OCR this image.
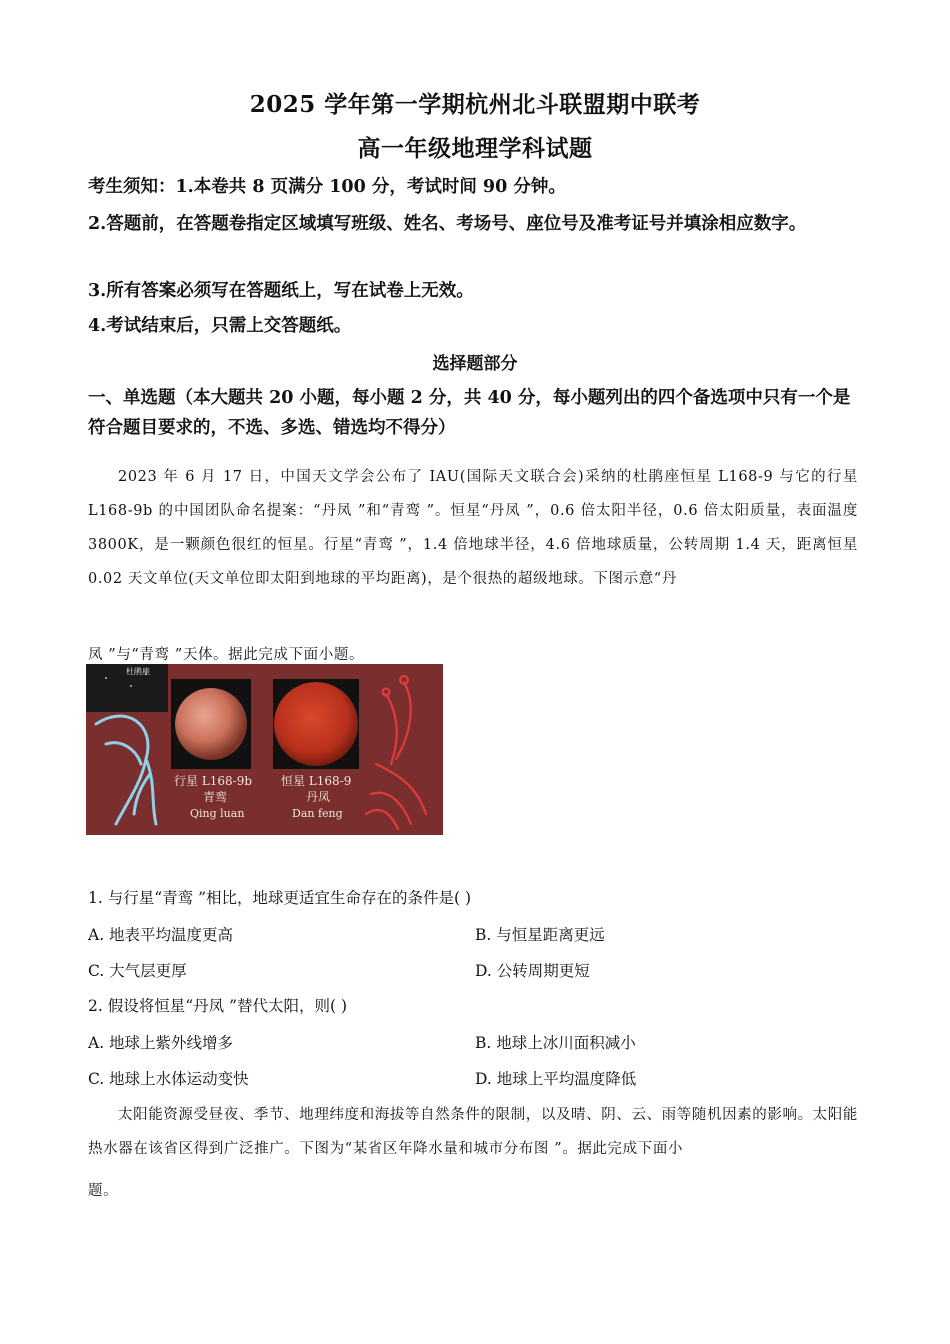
2025 学年第一学期杭州北斗联盟期中联考
高一年级地理学科试题
考生须知：1.本卷共 8 页满分 100 分，考试时间 90 分钟。
2.答题前，在答题卷指定区域填写班级、姓名、考场号、座位号及准考证号并填涂相应数字。
3.所有答案必须写在答题纸上，写在试卷上无效。
4.考试结束后，只需上交答题纸。
选择题部分
一、单选题（本大题共 20 小题，每小题 2 分，共 40 分，每小题列出的四个备选项中只有一个是符合题目要求的，不选、多选、错选均不得分）
2023 年 6 月 17 日，中国天文学会公布了 IAU(国际天文联合会)采纳的杜鹃座恒星 L168-9 与它的行星 L168-9b 的中国团队命名提案：“丹凤 ”和“青鸾 ”。恒星“丹凤 ”，0.6 倍太阳半径，0.6 倍太阳质量，表面温度 3800K，是一颗颜色很红的恒星。行星“青鸾 ”，1.4 倍地球半径，4.6 倍地球质量，公转周期 1.4 天，距离恒星 0.02 天文单位(天文单位即太阳到地球的平均距离)，是个很热的超级地球。下图示意“丹
凤 ”与“青鸾 ”天体。据此完成下面小题。
杜鹃座
行星 L168-9b
青鸾
Qing luan
恒星 L168-9
丹凤
Dan feng
1. 与行星“青鸾 ”相比，地球更适宜生命存在的条件是( )
A. 地表平均温度更高	B. 与恒星距离更远
C. 大气层更厚	D. 公转周期更短
2. 假设将恒星“丹凤 ”替代太阳，则( )
A. 地球上紫外线增多	B. 地球上冰川面积减小
C. 地球上水体运动变快	D. 地球上平均温度降低
太阳能资源受昼夜、季节、地理纬度和海拔等自然条件的限制，以及晴、阴、云、雨等随机因素的影响。太阳能热水器在该省区得到广泛推广。下图为“某省区年降水量和城市分布图 ”。据此完成下面小
题。
